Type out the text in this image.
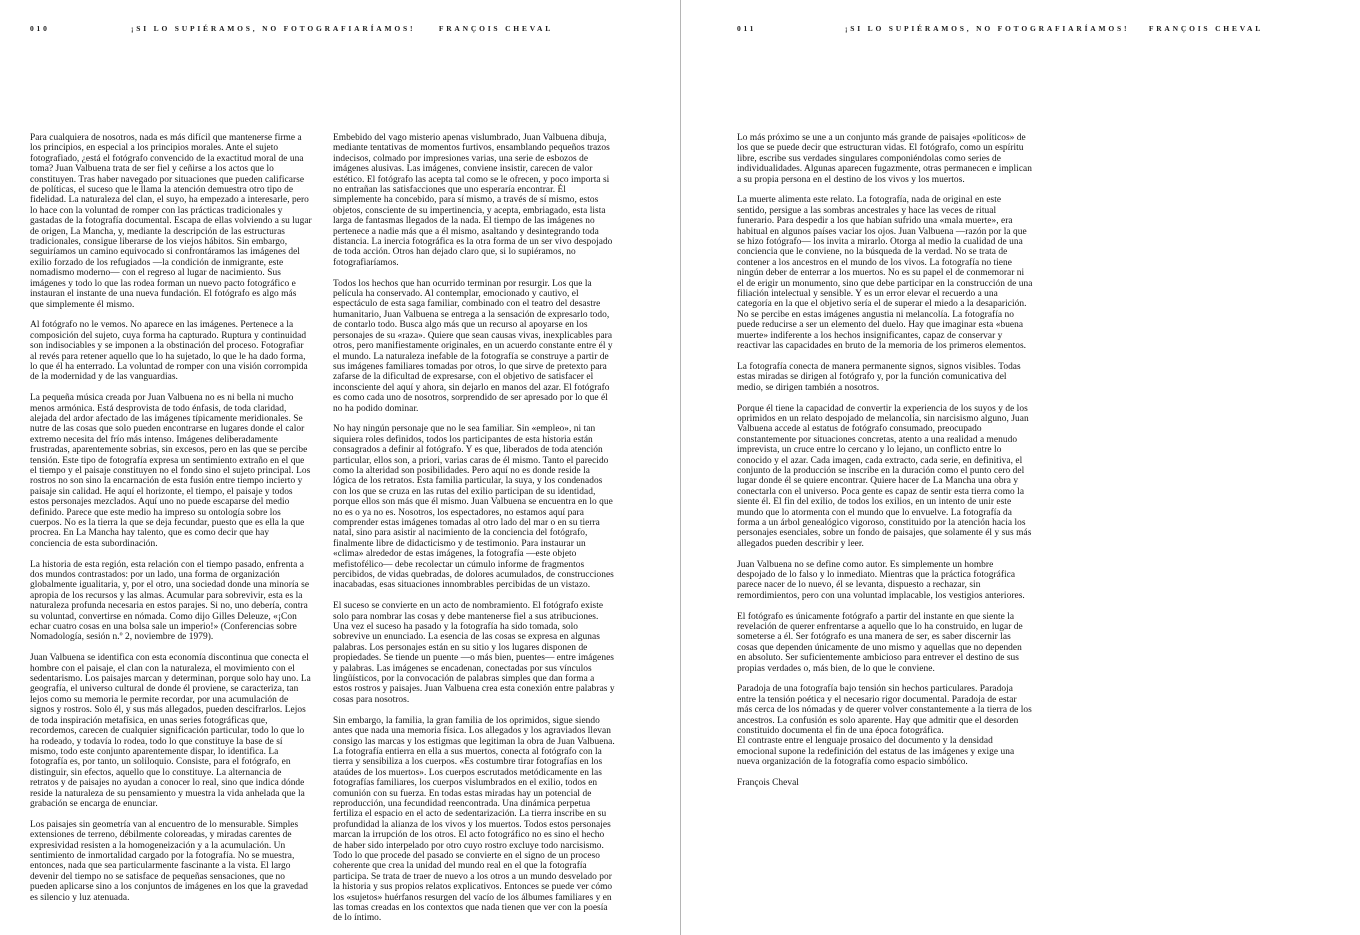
010	¡SI LO SUPIÉRAMOS, NO FOTOGRAFIARÍAMOS!	FRANÇOIS CHEVAL

Para cualquiera de nosotros, nada es más difícil que mantenerse firme a los principios, en especial a los principios morales. Ante el sujeto fotografiado, ¿está el fotógrafo convencido de la exactitud moral de una toma? Juan Valbuena trata de ser fiel y ceñirse a los actos que lo constituyen. Tras haber navegado por situaciones que pueden calificarse de políticas, el suceso que le llama la atención demuestra otro tipo de fidelidad. La naturaleza del clan, el suyo, ha empezado a interesarle, pero lo hace con la voluntad de romper con las prácticas tradicionales y gastadas de la fotografía documental. Escapa de ellas volviendo a su lugar de origen, La Mancha, y, mediante la descripción de las estructuras tradicionales, consigue liberarse de los viejos hábitos. Sin embargo, seguiríamos un camino equivocado si confrontáramos las imágenes del exilio forzado de los refugiados —la condición de inmigrante, este nomadismo moderno— con el regreso al lugar de nacimiento. Sus imágenes y todo lo que las rodea forman un nuevo pacto fotográfico e instauran el instante de una nueva fundación. El fotógrafo es algo más que simplemente él mismo.

Al fotógrafo no le vemos. No aparece en las imágenes. Pertenece a la composición del sujeto, cuya forma ha capturado. Ruptura y continuidad son indisociables y se imponen a la obstinación del proceso. Fotografiar al revés para retener aquello que lo ha sujetado, lo que le ha dado forma, lo que él ha enterrado. La voluntad de romper con una visión corrompida de la modernidad y de las vanguardias.

La pequeña música creada por Juan Valbuena no es ni bella ni mucho menos armónica. Está desprovista de todo énfasis, de toda claridad, alejada del ardor afectado de las imágenes típicamente meridionales. Se nutre de las cosas que solo pueden encontrarse en lugares donde el calor extremo necesita del frío más intenso. Imágenes deliberadamente frustradas, aparentemente sobrias, sin excesos, pero en las que se percibe tensión. Este tipo de fotografía expresa un sentimiento extraño en el que el tiempo y el paisaje constituyen no el fondo sino el sujeto principal. Los rostros no son sino la encarnación de esta fusión entre tiempo incierto y paisaje sin calidad. He aquí el horizonte, el tiempo, el paisaje y todos estos personajes mezclados. Aquí uno no puede escaparse del medio definido. Parece que este medio ha impreso su ontología sobre los cuerpos. No es la tierra la que se deja fecundar, puesto que es ella la que procrea. En La Mancha hay talento, que es como decir que hay conciencia de esta subordinación.

La historia de esta región, esta relación con el tiempo pasado, enfrenta a dos mundos contrastados: por un lado, una forma de organización globalmente igualitaria, y, por el otro, una sociedad donde una minoría se apropia de los recursos y las almas. Acumular para sobrevivir, esta es la naturaleza profunda necesaria en estos parajes. Si no, uno debería, contra su voluntad, convertirse en nómada. Como dijo Gilles Deleuze, «¡Con echar cuatro cosas en una bolsa sale un imperio!» (Conferencias sobre Nomadología, sesión n.º 2, noviembre de 1979).

Juan Valbuena se identifica con esta economía discontinua que conecta el hombre con el paisaje, el clan con la naturaleza, el movimiento con el sedentarismo. Los paisajes marcan y determinan, porque solo hay uno. La geografía, el universo cultural de donde él proviene, se caracteriza, tan lejos como su memoria le permite recordar, por una acumulación de signos y rostros. Solo él, y sus más allegados, pueden descifrarlos. Lejos de toda inspiración metafísica, en unas series fotográficas que, recordemos, carecen de cualquier significación particular, todo lo que lo ha rodeado, y todavía lo rodea, todo lo que constituye la base de sí mismo, todo este conjunto aparentemente dispar, lo identifica. La fotografía es, por tanto, un soliloquio. Consiste, para el fotógrafo, en distinguir, sin efectos, aquello que lo constituye. La alternancia de retratos y de paisajes no ayudan a conocer lo real, sino que indica dónde reside la naturaleza de su pensamiento y muestra la vida anhelada que la grabación se encarga de enunciar.

Los paisajes sin geometría van al encuentro de lo mensurable. Simples extensiones de terreno, débilmente coloreadas, y miradas carentes de expresividad resisten a la homogeneización y a la acumulación. Un sentimiento de inmortalidad cargado por la fotografía. No se muestra, entonces, nada que sea particularmente fascinante a la vista. El largo devenir del tiempo no se satisface de pequeñas sensaciones, que no pueden aplicarse sino a los conjuntos de imágenes en los que la gravedad es silencio y luz atenuada.

Embebido del vago misterio apenas vislumbrado, Juan Valbuena dibuja, mediante tentativas de momentos furtivos, ensamblando pequeños trazos indecisos, colmado por impresiones varias, una serie de esbozos de imágenes alusivas. Las imágenes, conviene insistir, carecen de valor estético. El fotógrafo las acepta tal como se le ofrecen, y poco importa si no entrañan las satisfacciones que uno esperaría encontrar. Él simplemente ha concebido, para sí mismo, a través de sí mismo, estos objetos, consciente de su impertinencia, y acepta, embriagado, esta lista larga de fantasmas llegados de la nada. El tiempo de las imágenes no pertenece a nadie más que a él mismo, asaltando y desintegrando toda distancia. La inercia fotográfica es la otra forma de un ser vivo despojado de toda acción. Otros han dejado claro que, si lo supiéramos, no fotografiaríamos.

Todos los hechos que han ocurrido terminan por resurgir. Los que la película ha conservado. Al contemplar, emocionado y cautivo, el espectáculo de esta saga familiar, combinado con el teatro del desastre humanitario, Juan Valbuena se entrega a la sensación de expresarlo todo, de contarlo todo. Busca algo más que un recurso al apoyarse en los personajes de su «raza». Quiere que sean causas vivas, inexplicables para otros, pero manifiestamente originales, en un acuerdo constante entre él y el mundo. La naturaleza inefable de la fotografía se construye a partir de sus imágenes familiares tomadas por otros, lo que sirve de pretexto para zafarse de la dificultad de expresarse, con el objetivo de satisfacer el inconsciente del aquí y ahora, sin dejarlo en manos del azar. El fotógrafo es como cada uno de nosotros, sorprendido de ser apresado por lo que él no ha podido dominar.

No hay ningún personaje que no le sea familiar. Sin «empleo», ni tan siquiera roles definidos, todos los participantes de esta historia están consagrados a definir al fotógrafo. Y es que, liberados de toda atención particular, ellos son, a priori, varias caras de él mismo. Tanto el parecido como la alteridad son posibilidades. Pero aquí no es donde reside la lógica de los retratos. Esta familia particular, la suya, y los condenados con los que se cruza en las rutas del exilio participan de su identidad, porque ellos son más que él mismo. Juan Valbuena se encuentra en lo que no es o ya no es. Nosotros, los espectadores, no estamos aquí para comprender estas imágenes tomadas al otro lado del mar o en su tierra natal, sino para asistir al nacimiento de la conciencia del fotógrafo, finalmente libre de didacticismo y de testimonio. Para instaurar un «clima» alrededor de estas imágenes, la fotografía —este objeto mefistofélico— debe recolectar un cúmulo informe de fragmentos percibidos, de vidas quebradas, de dolores acumulados, de construcciones inacabadas, esas situaciones innombrables percibidas de un vistazo.

El suceso se convierte en un acto de nombramiento. El fotógrafo existe solo para nombrar las cosas y debe mantenerse fiel a sus atribuciones. Una vez el suceso ha pasado y la fotografía ha sido tomada, solo sobrevive un enunciado. La esencia de las cosas se expresa en algunas palabras. Los personajes están en su sitio y los lugares disponen de propiedades. Se tiende un puente —o más bien, puentes— entre imágenes y palabras. Las imágenes se encadenan, conectadas por sus vínculos lingüísticos, por la convocación de palabras simples que dan forma a estos rostros y paisajes. Juan Valbuena crea esta conexión entre palabras y cosas para nosotros.

Sin embargo, la familia, la gran familia de los oprimidos, sigue siendo antes que nada una memoria física. Los allegados y los agraviados llevan consigo las marcas y los estigmas que legitiman la obra de Juan Valbuena. La fotografía entierra en ella a sus muertos, conecta al fotógrafo con la tierra y sensibiliza a los cuerpos. «Es costumbre tirar fotografías en los ataúdes de los muertos». Los cuerpos escrutados metódicamente en las fotografías familiares, los cuerpos vislumbrados en el exilio, todos en comunión con su fuerza. En todas estas miradas hay un potencial de reproducción, una fecundidad reencontrada. Una dinámica perpetua fertiliza el espacio en el acto de sedentarización. La tierra inscribe en su profundidad la alianza de los vivos y los muertos. Todos estos personajes marcan la irrupción de los otros. El acto fotográfico no es sino el hecho de haber sido interpelado por otro cuyo rostro excluye todo narcisismo. Todo lo que procede del pasado se convierte en el signo de un proceso coherente que crea la unidad del mundo real en el que la fotografía participa. Se trata de traer de nuevo a los otros a un mundo desvelado por la historia y sus propios relatos explicativos. Entonces se puede ver cómo los «sujetos» huérfanos resurgen del vacío de los álbumes familiares y en las tomas creadas en los contextos que nada tienen que ver con la poesía de lo íntimo.

011	¡SI LO SUPIÉRAMOS, NO FOTOGRAFIARÍAMOS!	FRANÇOIS CHEVAL

Lo más próximo se une a un conjunto más grande de paisajes «políticos» de los que se puede decir que estructuran vidas. El fotógrafo, como un espíritu libre, escribe sus verdades singulares componiéndolas como series de individualidades. Algunas aparecen fugazmente, otras permanecen e implican a su propia persona en el destino de los vivos y los muertos.

La muerte alimenta este relato. La fotografía, nada de original en este sentido, persigue a las sombras ancestrales y hace las veces de ritual funerario. Para despedir a los que habían sufrido una «mala muerte», era habitual en algunos países vaciar los ojos. Juan Valbuena —razón por la que se hizo fotógrafo— los invita a mirarlo. Otorga al medio la cualidad de una conciencia que le conviene, no la búsqueda de la verdad. No se trata de contener a los ancestros en el mundo de los vivos. La fotografía no tiene ningún deber de enterrar a los muertos. No es su papel el de conmemorar ni el de erigir un monumento, sino que debe participar en la construcción de una filiación intelectual y sensible. Y es un error elevar el recuerdo a una categoría en la que el objetivo sería el de superar el miedo a la desaparición. No se percibe en estas imágenes angustia ni melancolía. La fotografía no puede reducirse a ser un elemento del duelo. Hay que imaginar esta «buena muerte» indiferente a los hechos insignificantes, capaz de conservar y reactivar las capacidades en bruto de la memoria de los primeros elementos.

La fotografía conecta de manera permanente signos, signos visibles. Todas estas miradas se dirigen al fotógrafo y, por la función comunicativa del medio, se dirigen también a nosotros.

Porque él tiene la capacidad de convertir la experiencia de los suyos y de los oprimidos en un relato despojado de melancolía, sin narcisismo alguno, Juan Valbuena accede al estatus de fotógrafo consumado, preocupado constantemente por situaciones concretas, atento a una realidad a menudo imprevista, un cruce entre lo cercano y lo lejano, un conflicto entre lo conocido y el azar. Cada imagen, cada extracto, cada serie, en definitiva, el conjunto de la producción se inscribe en la duración como el punto cero del lugar donde él se quiere encontrar. Quiere hacer de La Mancha una obra y conectarla con el universo. Poca gente es capaz de sentir esta tierra como la siente él. El fin del exilio, de todos los exilios, en un intento de unir este mundo que lo atormenta con el mundo que lo envuelve. La fotografía da forma a un árbol genealógico vigoroso, constituido por la atención hacia los personajes esenciales, sobre un fondo de paisajes, que solamente él y sus más allegados pueden describir y leer.

Juan Valbuena no se define como autor. Es simplemente un hombre despojado de lo falso y lo inmediato. Mientras que la práctica fotográfica parece nacer de lo nuevo, él se levanta, dispuesto a rechazar, sin remordimientos, pero con una voluntad implacable, los vestigios anteriores.

El fotógrafo es únicamente fotógrafo a partir del instante en que siente la revelación de querer enfrentarse a aquello que lo ha construido, en lugar de someterse a él. Ser fotógrafo es una manera de ser, es saber discernir las cosas que dependen únicamente de uno mismo y aquellas que no dependen en absoluto. Ser suficientemente ambicioso para entrever el destino de sus propias verdades o, más bien, de lo que le conviene.

Paradoja de una fotografía bajo tensión sin hechos particulares. Paradoja entre la tensión poética y el necesario rigor documental. Paradoja de estar más cerca de los nómadas y de querer volver constantemente a la tierra de los ancestros. La confusión es solo aparente. Hay que admitir que el desorden constituido documenta el fin de una época fotográfica.

El contraste entre el lenguaje prosaico del documento y la densidad emocional supone la redefinición del estatus de las imágenes y exige una nueva organización de la fotografía como espacio simbólico.

François Cheval
